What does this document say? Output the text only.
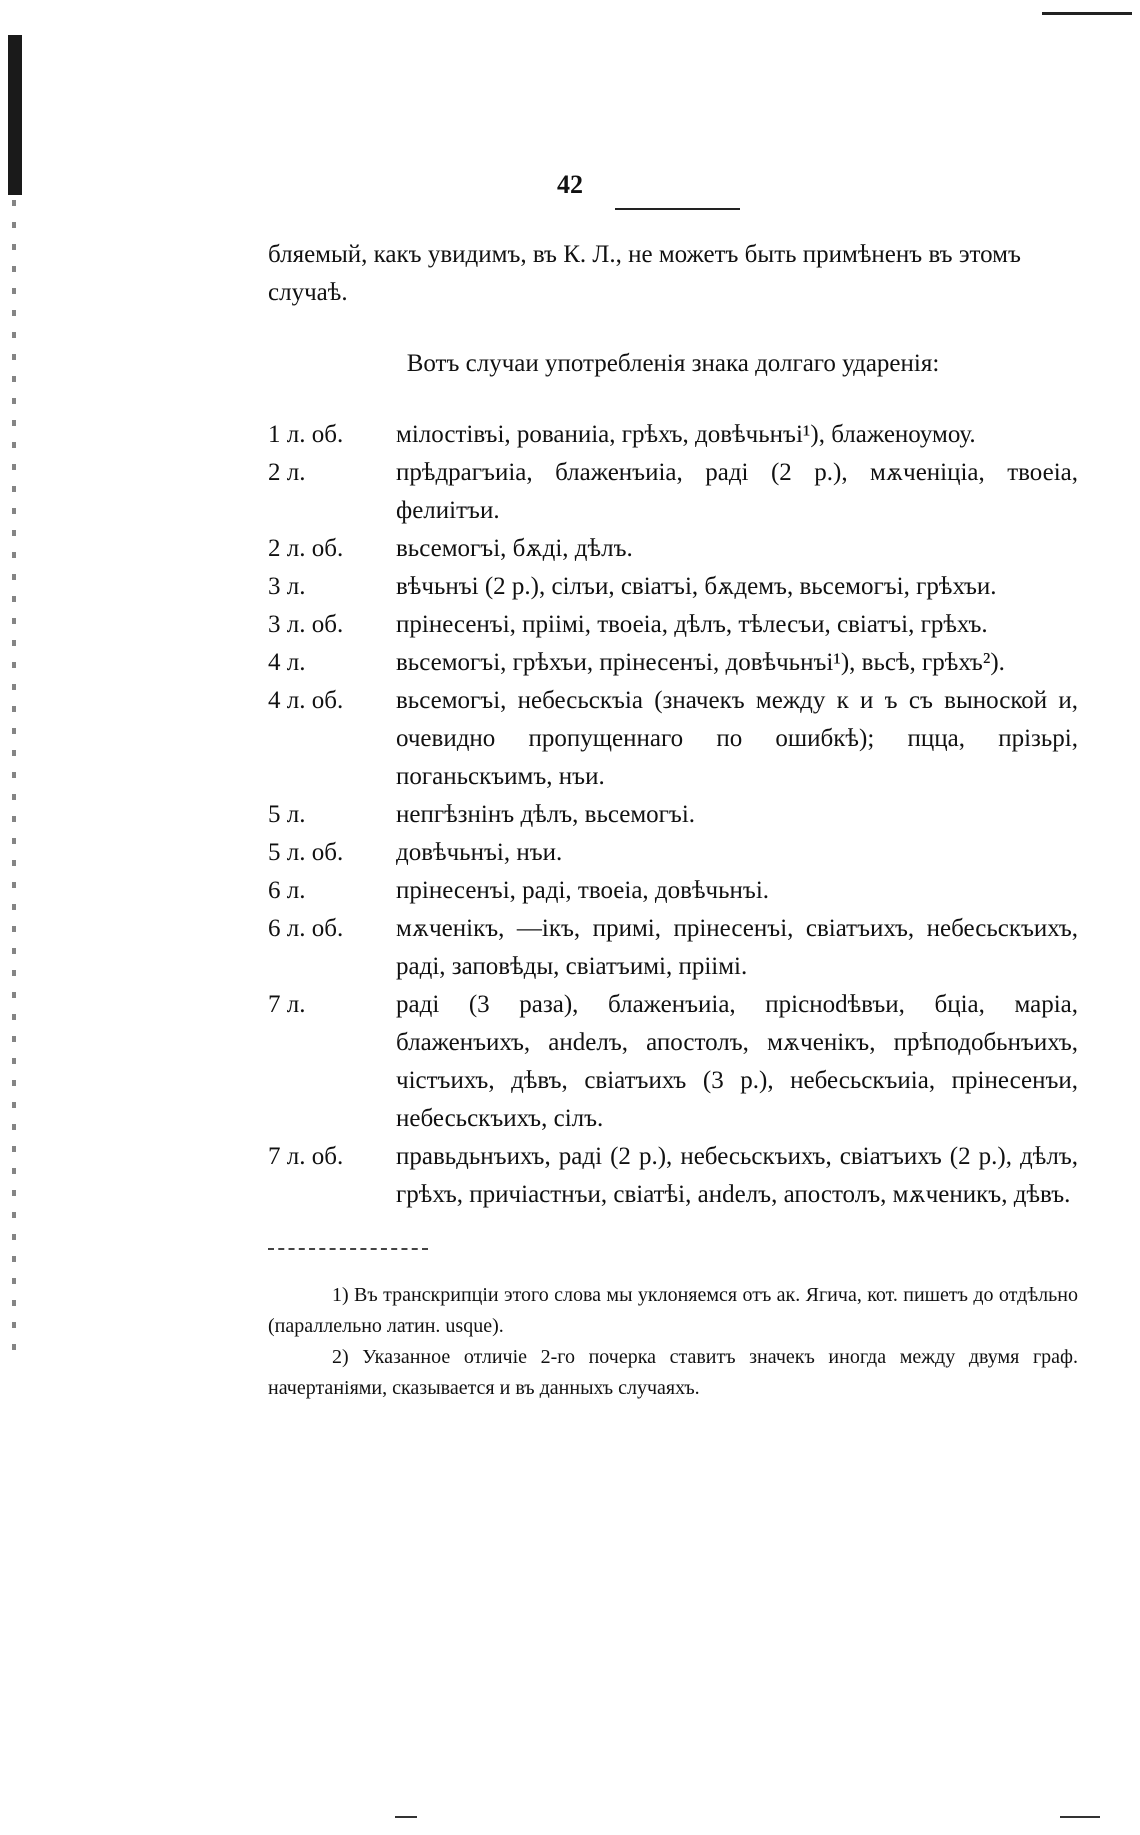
42

бляемый, какъ увидимъ, въ К. Л., не можетъ быть примѣненъ въ этомъ случаѣ.

Вотъ случаи употребленія знака долгаго ударенія:

1 л. об.	мілостівъі, рованиіа, грѣхъ, довѣчьнъі¹), блаженоумоу.
2 л.	прѣдрагъиіа, блаженъиіа, раді (2 р.), мѫченіціа, твоеіа, фелиітъи.
2 л. об.	вьсемогъі, бѫді, дѣлъ.
3 л.	вѣчьнъі (2 р.), сілъи, свіатъі, бѫдемъ, вьсемогъі, грѣхъи.
3 л. об.	прінесенъі, пріімі, твоеіа, дѣлъ, тѣлесъи, свіатъі, грѣхъ.
4 л.	вьсемогъі, грѣхъи, прінесенъі, довѣчьнъі¹), вьсѣ, грѣхъ²).
4 л. об.	вьсемогъі, небесьскъіа (значекъ между к и ъ съ выноской и, очевидно пропущеннаго по ошибкѣ); пцца, прізьрі, поганьскъимъ, нъи.
5 л.	непгѣзнінъ дѣлъ, вьсемогъі.
5 л. об.	довѣчьнъі, нъи.
6 л.	прінесенъі, раді, твоеіа, довѣчьнъі.
6 л. об.	мѫченікъ, —ікъ, примі, прінесенъі, свіатъихъ, небесьскъихъ, раді, заповѣды, свіатъимі, пріімі.
7 л.	раді (3 раза), блаженъиіа, прісноdѣвъи, бціа, маріа, блаженъихъ, анdелъ, апостолъ, мѫченікъ, прѣподобьнъихъ, чістъихъ, дѣвъ, свіатъихъ (3 р.), небесьскъиіа, прінесенъи, небесьскъихъ, сілъ.
7 л. об.	правьдьнъихъ, раді (2 р.), небесьскъихъ, свіатъихъ (2 р.), дѣлъ, грѣхъ, причіастнъи, свіатѣі, анdелъ, апостолъ, мѫченикъ, дѣвъ.

1) Въ транскрипціи этого слова мы уклоняемся отъ ак. Ягича, кот. пишетъ до отдѣльно (параллельно латин. usque).

2) Указанное отличіе 2-го почерка ставитъ значекъ иногда между двумя граф. начертаніями, сказывается и въ данныхъ случаяхъ.
